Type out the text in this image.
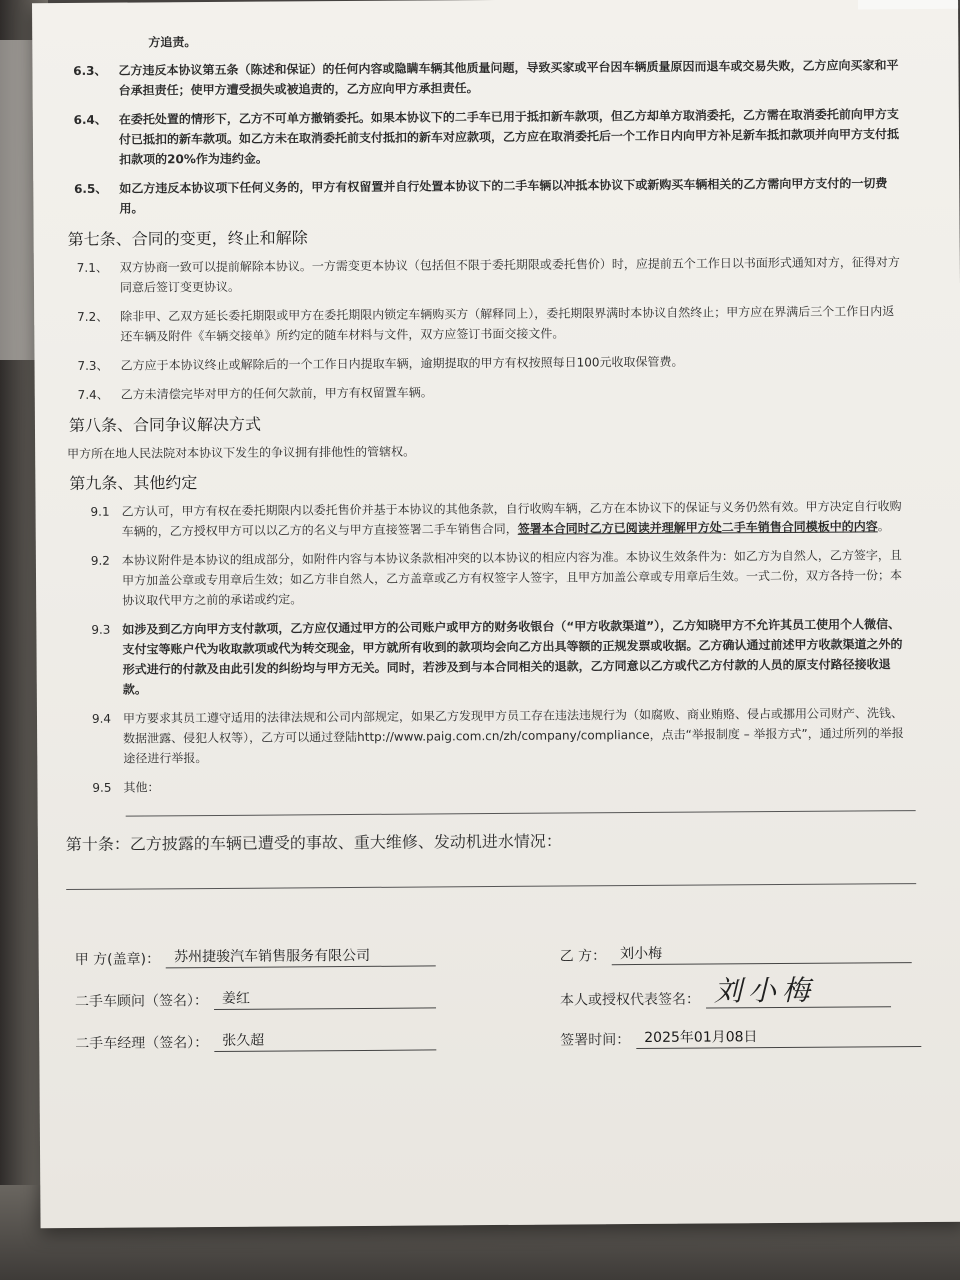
方追责。
6.3、 乙方违反本协议第五条（陈述和保证）的任何内容或隐瞒车辆其他质量问题，导致买家或平台因车辆质量原因而退车或交易失败，乙方应向买家和平台承担责任；使甲方遭受损失或被追责的，乙方应向甲方承担责任。
6.4、 在委托处置的情形下，乙方不可单方撤销委托。如果本协议下的二手车已用于抵扣新车款项，但乙方却单方取消委托，乙方需在取消委托前向甲方支付已抵扣的新车款项。如乙方未在取消委托前支付抵扣的新车对应款项，乙方应在取消委托后一个工作日内向甲方补足新车抵扣款项并向甲方支付抵扣款项的20%作为违约金。
6.5、 如乙方违反本协议项下任何义务的，甲方有权留置并自行处置本协议下的二手车辆以冲抵本协议下或新购买车辆相关的乙方需向甲方支付的一切费用。
第七条、合同的变更，终止和解除
7.1、 双方协商一致可以提前解除本协议。一方需变更本协议（包括但不限于委托期限或委托售价）时，应提前五个工作日以书面形式通知对方，征得对方同意后签订变更协议。
7.2、 除非甲、乙双方延长委托期限或甲方在委托期限内锁定车辆购买方（解释同上），委托期限界满时本协议自然终止；甲方应在界满后三个工作日内返还车辆及附件《车辆交接单》所约定的随车材料与文件，双方应签订书面交接文件。
7.3、 乙方应于本协议终止或解除后的一个工作日内提取车辆，逾期提取的甲方有权按照每日100元收取保管费。
7.4、 乙方未清偿完毕对甲方的任何欠款前，甲方有权留置车辆。
第八条、合同争议解决方式
甲方所在地人民法院对本协议下发生的争议拥有排他性的管辖权。
第九条、其他约定
9.1 乙方认可，甲方有权在委托期限内以委托售价并基于本协议的其他条款，自行收购车辆，乙方在本协议下的保证与义务仍然有效。甲方决定自行收购车辆的，乙方授权甲方可以以乙方的名义与甲方直接签署二手车销售合同，签署本合同时乙方已阅读并理解甲方处二手车销售合同模板中的内容。
9.2 本协议附件是本协议的组成部分，如附件内容与本协议条款相冲突的以本协议的相应内容为准。本协议生效条件为：如乙方为自然人，乙方签字，且甲方加盖公章或专用章后生效；如乙方非自然人，乙方盖章或乙方有权签字人签字，且甲方加盖公章或专用章后生效。一式二份，双方各持一份；本协议取代甲方之前的承诺或约定。
9.3 如涉及到乙方向甲方支付款项，乙方应仅通过甲方的公司账户或甲方的财务收银台（“甲方收款渠道”），乙方知晓甲方不允许其员工使用个人微信、支付宝等账户代为收取款项或代为转交现金，甲方就所有收到的款项均会向乙方出具等额的正规发票或收据。乙方确认通过前述甲方收款渠道之外的形式进行的付款及由此引发的纠纷均与甲方无关。同时，若涉及到与本合同相关的退款，乙方同意以乙方或代乙方付款的人员的原支付路径接收退款。
9.4 甲方要求其员工遵守适用的法律法规和公司内部规定，如果乙方发现甲方员工存在违法违规行为（如腐败、商业贿赂、侵占或挪用公司财产、洗钱、数据泄露、侵犯人权等），乙方可以通过登陆http://www.paig.com.cn/zh/company/compliance，点击“举报制度 – 举报方式”，通过所列的举报途径进行举报。
9.5 其他：
第十条：乙方披露的车辆已遭受的事故、重大维修、发动机进水情况：
甲 方(盖章)： 苏州捷骏汽车销售服务有限公司
二手车顾问（签名）： 姜红
二手车经理（签名）： 张久超
乙 方： 刘小梅
本人或授权代表签名： 刘小梅
签署时间： 2025年01月08日
